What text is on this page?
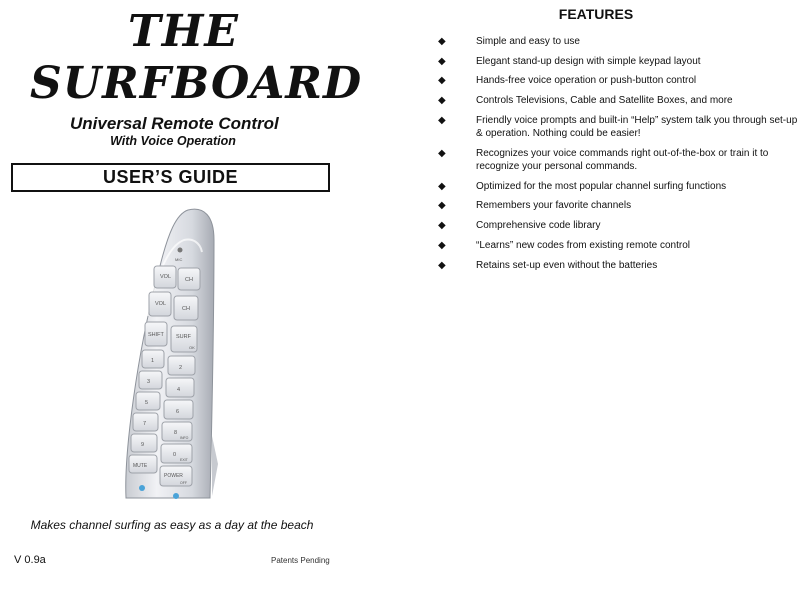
THE
SURFBOARD
Universal Remote Control
With Voice Operation
USER’S GUIDE
MIC
VOL	CH
VOL
CH
SHIFT SURF
OK
1
2
3
4
5
6
7
8
INFO
9
0
EXIT
MUTE
POWER
OFF
Makes channel surfing as easy as a day at the beach
V 0.9a	Patents Pending
FEATURES
◆	Simple and easy to use
◆	Elegant stand-up design with simple keypad layout
◆	Hands-free voice operation or push-button control
◆	Controls Televisions, Cable and Satellite Boxes, and more
◆	Friendly voice prompts and built-in “Help” system talk you through set-up & operation. Nothing could be easier!
◆	Recognizes your voice commands right out-of-the-box or train it to recognize your personal commands.
◆	Optimized for the most popular channel surfing functions
◆	Remembers your favorite channels
◆	Comprehensive code library
◆	“Learns” new codes from existing remote control
◆	Retains set-up even without the batteries
